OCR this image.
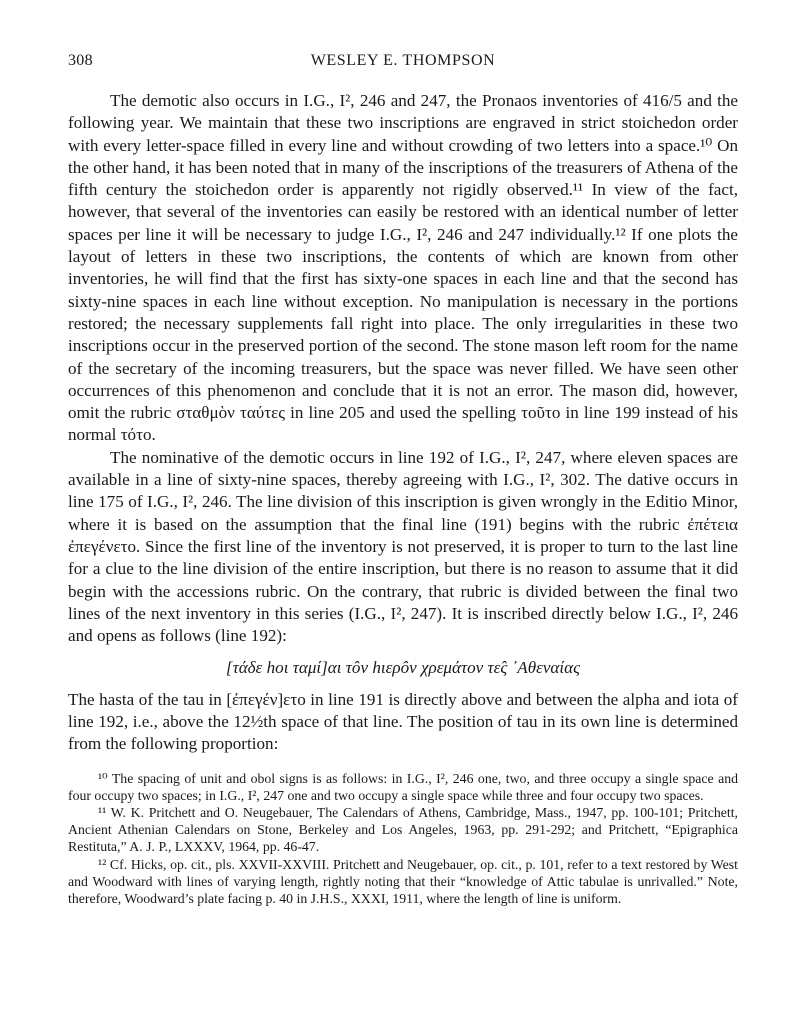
308	WESLEY E. THOMPSON

The demotic also occurs in I.G., I², 246 and 247, the Pronaos inventories of 416/5 and the following year. We maintain that these two inscriptions are engraved in strict stoichedon order with every letter-space filled in every line and without crowding of two letters into a space.¹⁰ On the other hand, it has been noted that in many of the inscriptions of the treasurers of Athena of the fifth century the stoichedon order is apparently not rigidly observed.¹¹ In view of the fact, however, that several of the inventories can easily be restored with an identical number of letter spaces per line it will be necessary to judge I.G., I², 246 and 247 individually.¹² If one plots the layout of letters in these two inscriptions, the contents of which are known from other inventories, he will find that the first has sixty-one spaces in each line and that the second has sixty-nine spaces in each line without exception. No manipulation is necessary in the portions restored; the necessary supplements fall right into place. The only irregularities in these two inscriptions occur in the preserved portion of the second. The stone mason left room for the name of the secretary of the incoming treasurers, but the space was never filled. We have seen other occurrences of this phenomenon and conclude that it is not an error. The mason did, however, omit the rubric σταθμὸν ταύτες in line 205 and used the spelling τοῦτο in line 199 instead of his normal τότο.

The nominative of the demotic occurs in line 192 of I.G., I², 247, where eleven spaces are available in a line of sixty-nine spaces, thereby agreeing with I.G., I², 302. The dative occurs in line 175 of I.G., I², 246. The line division of this inscription is given wrongly in the Editio Minor, where it is based on the assumption that the final line (191) begins with the rubric ἐπέτεια ἐπεγένετο. Since the first line of the inventory is not preserved, it is proper to turn to the last line for a clue to the line division of the entire inscription, but there is no reason to assume that it did begin with the accessions rubric. On the contrary, that rubric is divided between the final two lines of the next inventory in this series (I.G., I², 247). It is inscribed directly below I.G., I², 246 and opens as follows (line 192):

[τάδε hοι ταμί]αι τôν hιερôν χρεμάτον τε̂ς ᾿Αθεναίας

The hasta of the tau in [ἐπεγέν]ετο in line 191 is directly above and between the alpha and iota of line 192, i.e., above the 12½th space of that line. The position of tau in its own line is determined from the following proportion:

¹⁰ The spacing of unit and obol signs is as follows: in I.G., I², 246 one, two, and three occupy a single space and four occupy two spaces; in I.G., I², 247 one and two occupy a single space while three and four occupy two spaces.

¹¹ W. K. Pritchett and O. Neugebauer, The Calendars of Athens, Cambridge, Mass., 1947, pp. 100-101; Pritchett, Ancient Athenian Calendars on Stone, Berkeley and Los Angeles, 1963, pp. 291-292; and Pritchett, “Epigraphica Restituta,” A. J. P., LXXXV, 1964, pp. 46-47.

¹² Cf. Hicks, op. cit., pls. XXVII-XXVIII. Pritchett and Neugebauer, op. cit., p. 101, refer to a text restored by West and Woodward with lines of varying length, rightly noting that their “knowledge of Attic tabulae is unrivalled.” Note, therefore, Woodward’s plate facing p. 40 in J.H.S., XXXI, 1911, where the length of line is uniform.
